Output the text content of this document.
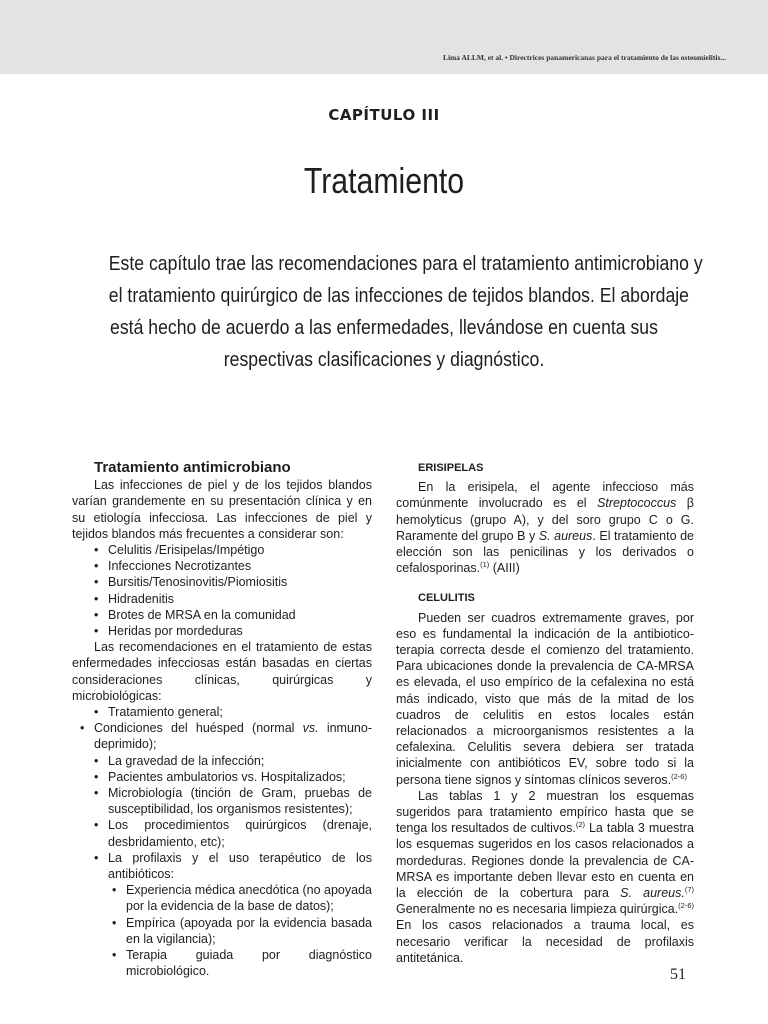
Lima ALLM, et al. • Directrices panamericanas para el tratamiento de las osteomielitis...
CAPÍTULO III
Tratamiento
Este capítulo trae las recomendaciones para el tratamiento antimicrobiano y
el tratamiento quirúrgico de las infecciones de tejidos blandos. El abordaje
está hecho de acuerdo a las enfermedades, llevándose en cuenta sus
respectivas clasificaciones y diagnóstico.
Tratamiento antimicrobiano

Las infecciones de piel y de los tejidos blandos varían grandemente en su presentación clínica y en su etiología infecciosa. Las infecciones de piel y tejidos blandos más frecuentes a considerar son:

• Celulitis /Erisipelas/Impétigo
• Infecciones Necrotizantes
• Bursitis/Tenosinovitis/Piomiositis
• Hidradenitis
• Brotes de MRSA en la comunidad
• Heridas por mordeduras

Las recomendaciones en el tratamiento de estas enfermedades infecciosas están basadas en ciertas consideraciones clínicas, quirúrgicas y microbiológicas:

• Tratamiento general;
• Condiciones del huésped (normal vs. inmuno-deprimido);
• La gravedad de la infección;
• Pacientes ambulatorios vs. Hospitalizados;
• Microbiología (tinción de Gram, pruebas de susceptibilidad, los organismos resistentes);
• Los procedimientos quirúrgicos (drenaje, desbridamiento, etc);
• La profilaxis y el uso terapéutico de los antibióticos:
• Experiencia médica anecdótica (no apoyada por la evidencia de la base de datos);
• Empírica (apoyada por la evidencia basada en la vigilancia);
• Terapia guiada por diagnóstico microbiológico.
ERISIPELAS

En la erisipela, el agente infeccioso más comúnmente involucrado es el Streptococcus β hemolyticus (grupo A), y del soro grupo C o G. Raramente del grupo B y S. aureus. El tratamiento de elección son las penicilinas y los derivados o cefalosporinas.$^{(1)}$ (AIII)

CELULITIS

Pueden ser cuadros extremamente graves, por eso es fundamental la indicación de la antibiotico-terapia correcta desde el comienzo del tratamiento. Para ubicaciones donde la prevalencia de CA-MRSA es elevada, el uso empírico de la cefalexina no está más indicado, visto que más de la mitad de los cuadros de celulitis en estos locales están relacionados a microorganismos resistentes a la cefalexina. Celulitis severa debiera ser tratada inicialmente con antibióticos EV, sobre todo si la persona tiene signos y síntomas clínicos severos.$^{(2-6)}$

Las tablas 1 y 2 muestran los esquemas sugeridos para tratamiento empírico hasta que se tenga los resultados de cultivos.$^{(2)}$ La tabla 3 muestra los esquemas sugeridos en los casos relacionados a mordeduras. Regiones donde la prevalencia de CA-MRSA es importante deben llevar esto en cuenta en la elección de la cobertura para S. aureus.$^{(7)}$ Generalmente no es necesaria limpieza quirúrgica.$^{(2-6)}$ En los casos relacionados a trauma local, es necesario verificar la necesidad de profilaxis antitetánica.

51
